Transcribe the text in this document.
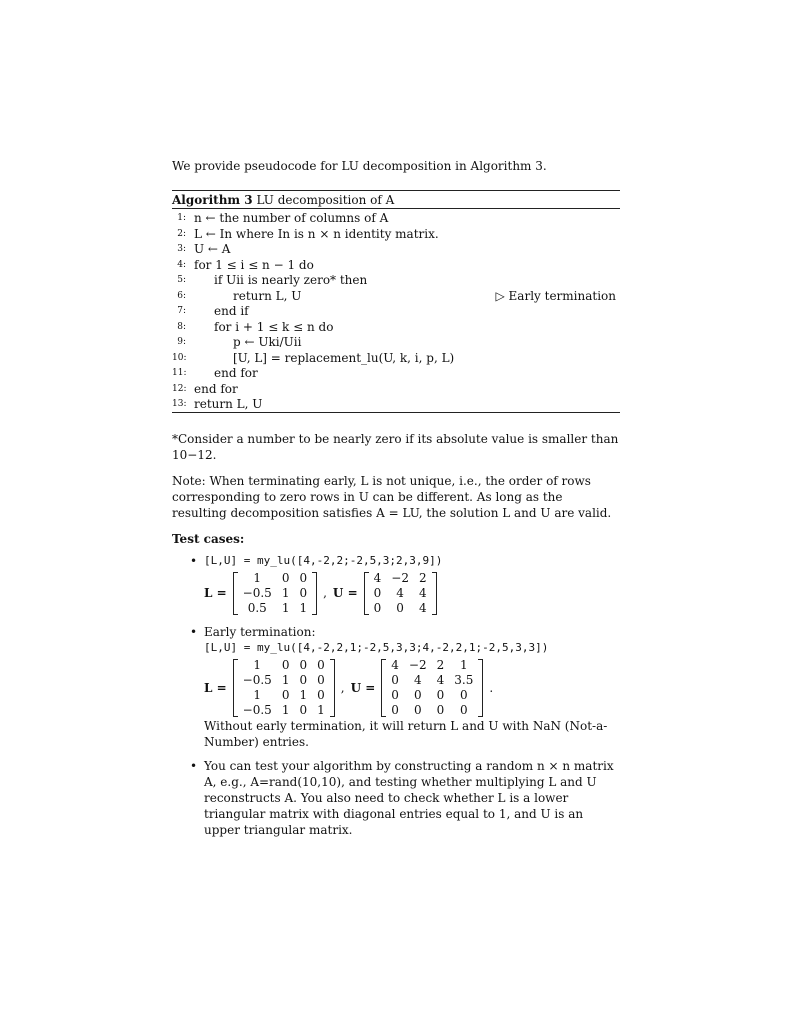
We provide pseudocode for LU decomposition in Algorithm 3.

Algorithm 3 LU decomposition of A
1: n ← the number of columns of A
2: L ← In where In is n × n identity matrix.
3: U ← A
4: for 1 ≤ i ≤ n − 1 do
5: if Uii is nearly zero* then
6:	return L, U	▷ Early termination
7: end if
8: for i + 1 ≤ k ≤ n do
9:	p ← Uki/Uii
10:	[U, L] = replacement_lu(U, k, i, p, L)
11: end for
12: end for
13: return L, U

*Consider a number to be nearly zero if its absolute value is smaller than 10−12.

Note: When terminating early, L is not unique, i.e., the order of rows corresponding to zero rows in U can be different. As long as the resulting decomposition satisfies A = LU, the solution L and U are valid.

Test cases:
• [L,U] = my_lu([4,-2,2;-2,5,3;2,3,9])
L =
1	0	0
−0.5	1	0
0.5	1	1
, U =
4	−2	2
0	4	4
0	0	4
• Early termination:
[L,U] = my_lu([4,-2,2,1;-2,5,3,3;4,-2,2,1;-2,5,3,3])
L =
1	0	0	0
−0.5	1	0	0
1	0	1	0
−0.5	1	0	1
, U =
4	−2	2	1
0	4	4	3.5
0	0	0	0
0	0	0	0
.
Without early termination, it will return L and U with NaN (Not-a-Number) entries.
• You can test your algorithm by constructing a random n × n matrix A, e.g., A=rand(10,10), and testing whether multiplying L and U reconstructs A. You also need to check whether L is a lower triangular matrix with diagonal entries equal to 1, and U is an upper triangular matrix.
